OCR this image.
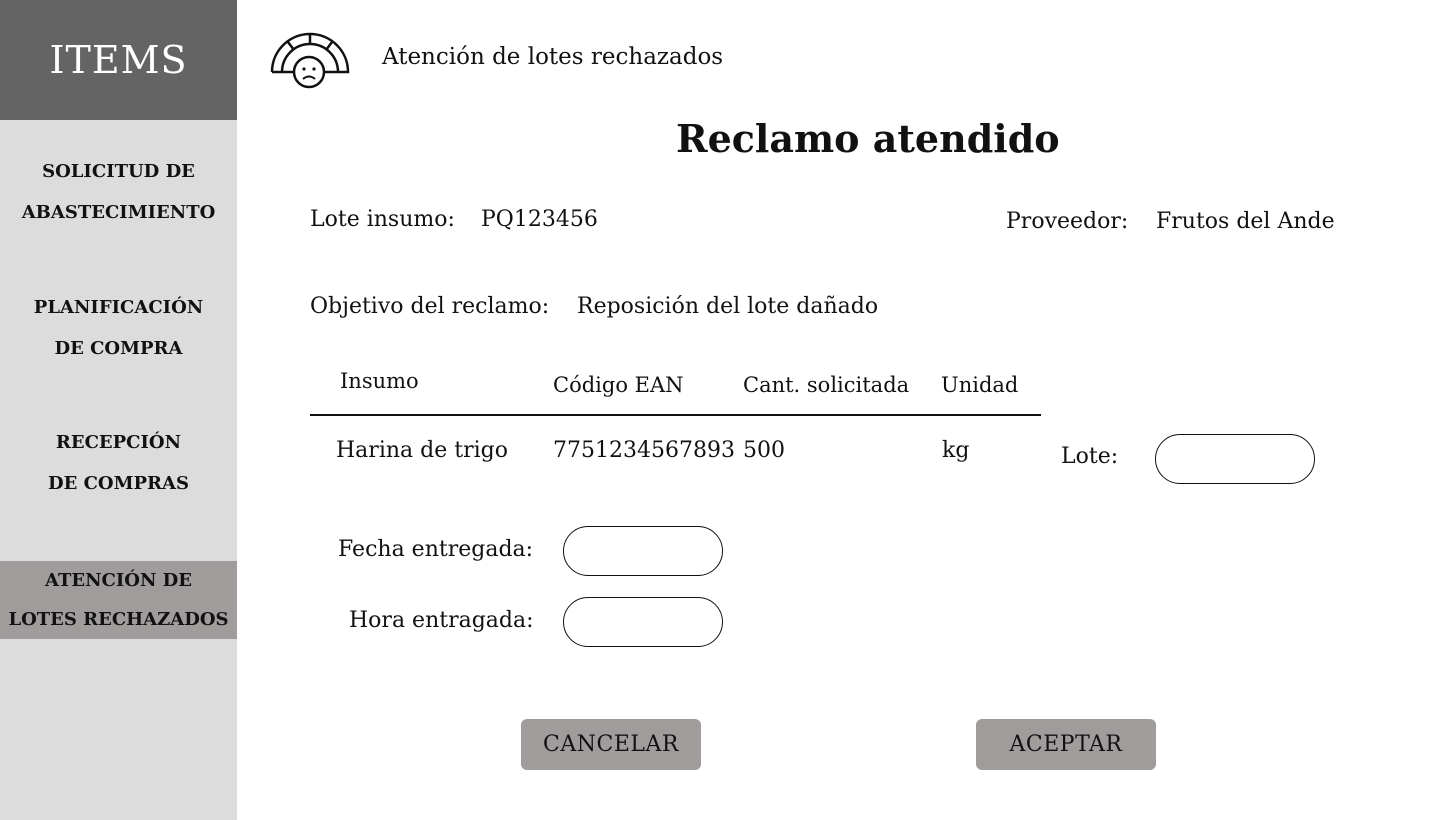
ITEMS
SOLICITUD DE
ABASTECIMIENTO
PLANIFICACIÓN
DE COMPRA
RECEPCIÓN
DE COMPRAS
ATENCIÓN DE
LOTES RECHAZADOS
Atención de lotes rechazados
Reclamo atendido
Lote insumo: PQ123456	Proveedor: Frutos del Ande
Objetivo del reclamo: Reposición del lote dañado
Insumo	Código EAN	Cant. solicitada Unidad
Harina de trigo 7751234567893 500	kg	Lote:
Fecha entregada:
Hora entragada:
CANCELAR	ACEPTAR
